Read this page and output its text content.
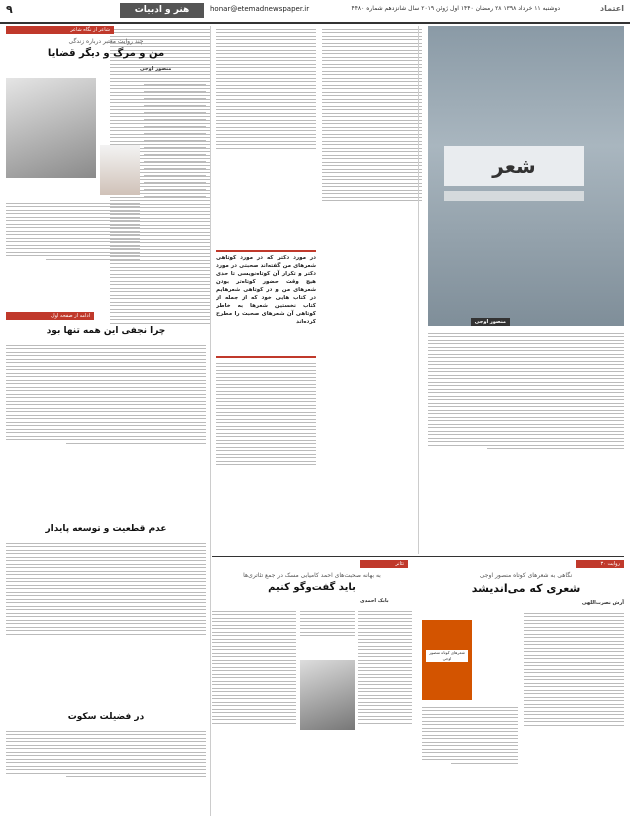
اعتماد
دوشنبه ۱۱ خرداد ۱۳۹۸ ۲۸ رمضان ۱۴۴۰ اول ژوئن ۲۰۱۹ سال شانزدهم شماره ۴۴۸۰
honar@etemadnewspaper.ir
هنر و ادبیات
۹
شعر
منصور اوجی
در مورد دکتر که در مورد کوتاهی شعرهای من گفته‌اند صحبتی در مورد دکتر و تکرار آن کوتاه‌نویسی تا حدی هیچ وقت حضور کوتاه‌تر بودن شعرهای من و در کوتاهی شعرهایم در کتاب هایی خود که از جمله از کتاب نخستین شعرها به خاطر کوتاهی آن شعرهای صحبت را مطرح کرده‌اند
شاعر از نگاه شاعر
چند روایت معتبر درباره زندگی
من و مرگ و دیگر قضایا
منصور اوجی
ادامه از صفحه اول
چرا نجفی این همه تنها بود
عدم قطعیت و توسعه پایدار
در فضیلت سکوت
تئاتر
به بهانه صحبت‌های احمد کامیابی مسک در جمع تئاتری‌ها
باید گفت‌وگو کنیم
بابک احمدی
روایت ۳۰
نگاهی به شعرهای کوتاه منصور اوجی
شعری که می‌اندیشد
آرش نصرت‌اللهی
شعرهای کوتاه منصور اوجی
